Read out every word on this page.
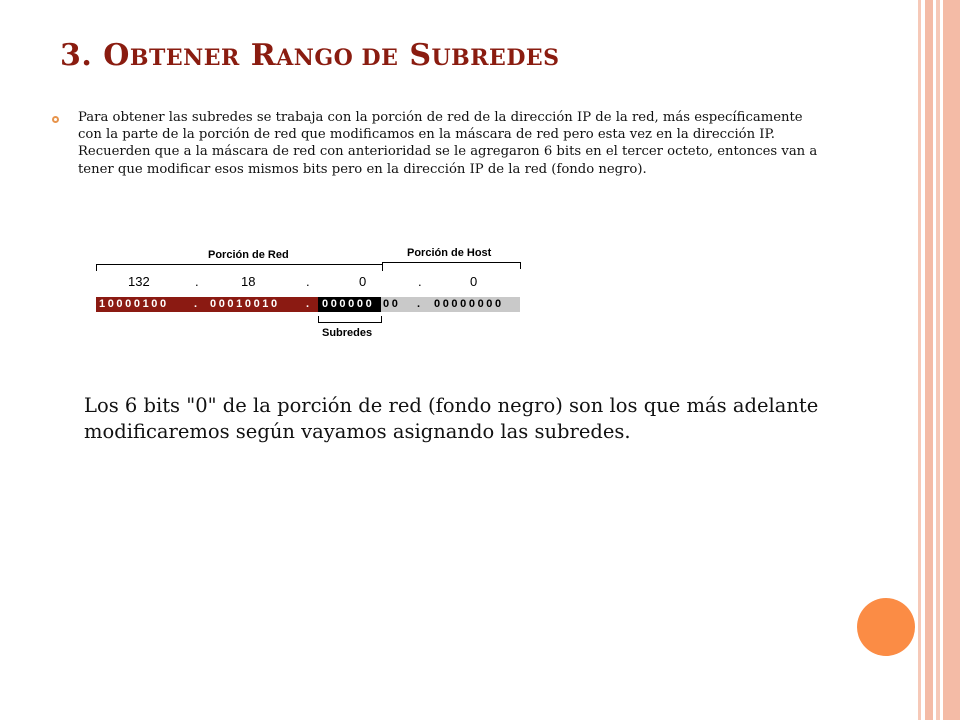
3. OBTENER RANGO DE SUBREDES
Para obtener las subredes se trabaja con la porción de red de la dirección IP de la red, más específicamente con la parte de la porción de red que modificamos en la máscara de red pero esta vez en la dirección IP. Recuerden que a la máscara de red con anterioridad se le agregaron 6 bits en el tercer octeto, entonces van a tener que modificar esos mismos bits pero en la dirección IP de la red (fondo negro).
Porción de Red	Porción de Host
132	.	18	.	0	.	0
10000100 . 00010010 . 000000 00 . 00000000
Subredes
Los 6 bits "0" de la porción de red (fondo negro) son los que más adelante modificaremos según vayamos asignando las subredes.
